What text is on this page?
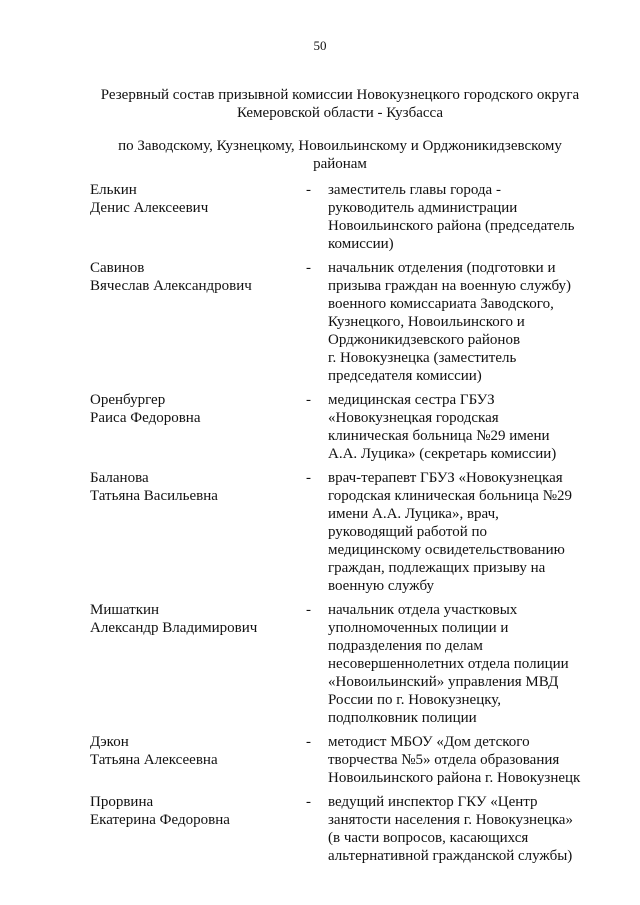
50
Резервный состав призывной комиссии Новокузнецкого городского округа
Кемеровской области - Кузбасса
по Заводскому, Кузнецкому, Новоильинскому и Орджоникидзевскому
районам
Елькин
Денис Алексеевич
-	заместитель главы города -
руководитель администрации
Новоильинского района (председатель
комиссии)
Савинов
Вячеслав Александрович
-	начальник отделения (подготовки и
призыва граждан на военную службу)
военного комиссариата Заводского,
Кузнецкого, Новоильинского и
Орджоникидзевского районов
г. Новокузнецка (заместитель
председателя комиссии)
Оренбургер
Раиса Федоровна
-	медицинская сестра ГБУЗ
«Новокузнецкая городская
клиническая больница №29 имени
А.А. Луцика» (секретарь комиссии)
Баланова
Татьяна Васильевна
-	врач-терапевт ГБУЗ «Новокузнецкая
городская клиническая больница №29
имени А.А. Луцика», врач,
руководящий работой по
медицинскому освидетельствованию
граждан, подлежащих призыву на
военную службу
Мишаткин
Александр Владимирович
-	начальник отдела участковых
уполномоченных полиции и
подразделения по делам
несовершеннолетних отдела полиции
«Новоильинский» управления МВД
России по г. Новокузнецку,
подполковник полиции
Дэкон
Татьяна Алексеевна
-	методист МБОУ «Дом детского
творчества №5» отдела образования
Новоильинского района г. Новокузнецк
Прорвина
Екатерина Федоровна
-	ведущий инспектор ГКУ «Центр
занятости населения г. Новокузнецка»
(в части вопросов, касающихся
альтернативной гражданской службы)
